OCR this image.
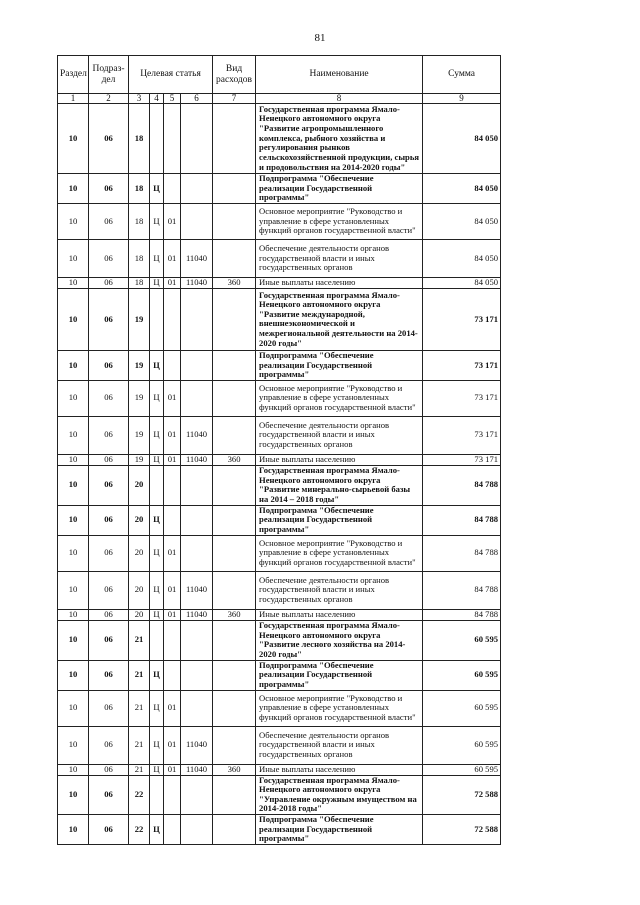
81
Раздел	Подраз-дел	Целевая статья				Вид расходов	Наименование	Сумма
1	2	3	4	5	6	7	8	9
10	06	18					Государственная программа Ямало-Ненецкого автономного округа "Развитие агропромышленного комплекса, рыбного хозяйства и регулирования рынков сельскохозяйственной продукции, сырья и продовольствия на 2014-2020 годы"	84 050
10	06	18	Ц				Подпрограмма "Обеспечение реализации Государственной программы"	84 050
10	06	18	Ц	01			Основное мероприятие "Руководство и управление в сфере установленных функций органов государственной власти"	84 050
10	06	18	Ц	01	11040		Обеспечение деятельности органов государственной власти и иных государственных органов	84 050
10	06	18	Ц	01	11040	360	Иные выплаты населению	84 050
10	06	19					Государственная программа Ямало-Ненецкого автономного округа "Развитие международной, внешнеэкономической и межрегиональной деятельности на 2014-2020 годы"	73 171
10	06	19	Ц				Подпрограмма "Обеспечение реализации Государственной программы"	73 171
10	06	19	Ц	01			Основное мероприятие "Руководство и управление в сфере установленных функций органов государственной власти"	73 171
10	06	19	Ц	01	11040		Обеспечение деятельности органов государственной власти и иных государственных органов	73 171
10	06	19	Ц	01	11040	360	Иные выплаты населению	73 171
10	06	20					Государственная программа Ямало-Ненецкого автономного округа "Развитие минерально-сырьевой базы на 2014 – 2018 годы"	84 788
10	06	20	Ц				Подпрограмма "Обеспечение реализации Государственной программы"	84 788
10	06	20	Ц	01			Основное мероприятие "Руководство и управление в сфере установленных функций органов государственной власти"	84 788
10	06	20	Ц	01	11040		Обеспечение деятельности органов государственной власти и иных государственных органов	84 788
10	06	20	Ц	01	11040	360	Иные выплаты населению	84 788
10	06	21					Государственная программа Ямало-Ненецкого автономного округа "Развитие лесного хозяйства на 2014-2020 годы"	60 595
10	06	21	Ц				Подпрограмма "Обеспечение реализации Государственной программы"	60 595
10	06	21	Ц	01			Основное мероприятие "Руководство и управление в сфере установленных функций органов государственной власти"	60 595
10	06	21	Ц	01	11040		Обеспечение деятельности органов государственной власти и иных государственных органов	60 595
10	06	21	Ц	01	11040	360	Иные выплаты населению	60 595
10	06	22					Государственная программа Ямало-Ненецкого автономного округа "Управление окружным имуществом на 2014-2018 годы"	72 588
10	06	22	Ц				Подпрограмма "Обеспечение реализации Государственной программы"	72 588
